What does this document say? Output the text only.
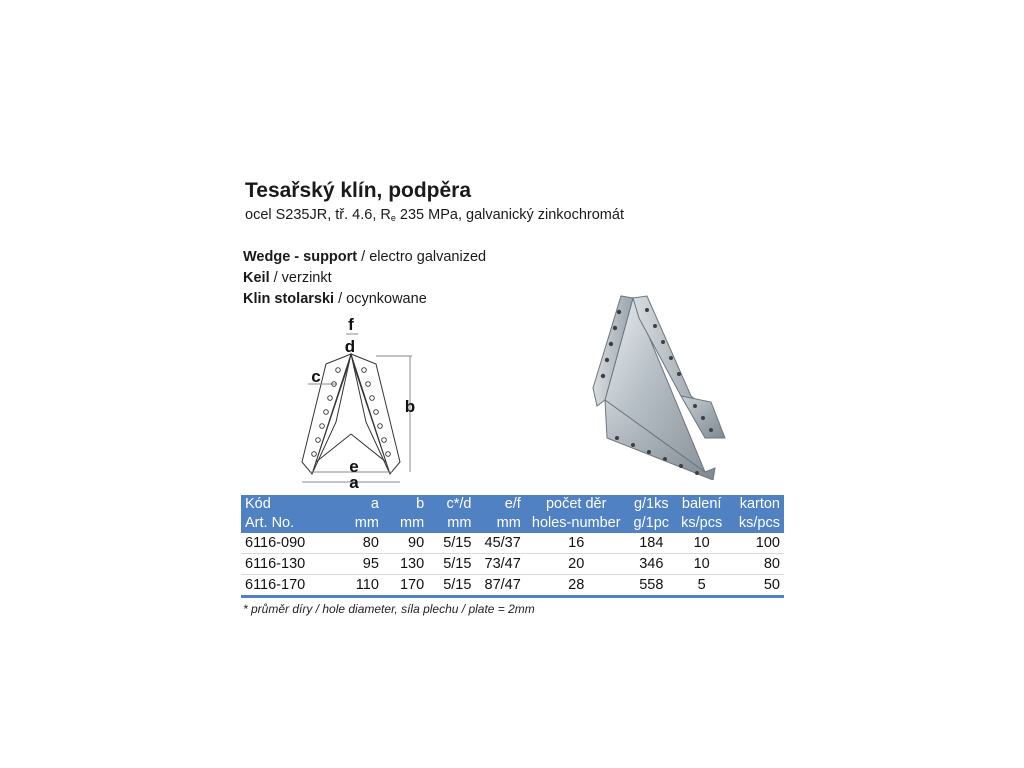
Tesařský klín, podpěra
ocel S235JR, tř. 4.6, Re 235 MPa, galvanický zinkochromát
Wedge - support / electro galvanized
Keil / verzinkt
Klin stolarski / ocynkowane
f
d
c
b
e
a
Kód	a	b	c*/d	e/f	počet děr	g/1ks	balení	karton
Art. No.	mm	mm	mm	mm	holes-number	g/1pc	ks/pcs	ks/pcs
6116-090	80	90	5/15	45/37	16	184	10	100
6116-130	95	130	5/15	73/47	20	346	10	80
6116-170	110	170	5/15	87/47	28	558	5	50
* průměr díry / hole diameter, síla plechu / plate = 2mm
